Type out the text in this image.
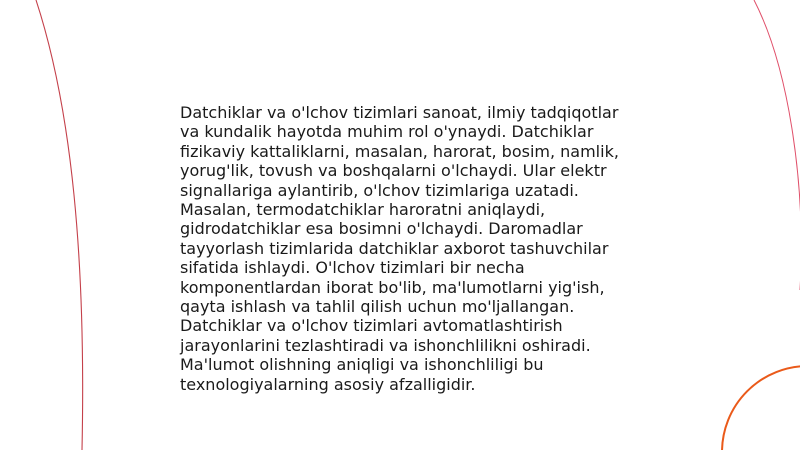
Datchiklar va o'lchov tizimlari sanoat, ilmiy tadqiqotlar va kundalik hayotda muhim rol o'ynaydi. Datchiklar fizikaviy kattaliklarni, masalan, harorat, bosim, namlik, yorug'lik, tovush va boshqalarni o'lchaydi. Ular elektr signallariga aylantirib, o'lchov tizimlariga uzatadi. Masalan, termodatchiklar haroratni aniqlaydi, gidrodatchiklar esa bosimni o'lchaydi. Daromadlar tayyorlash tizimlarida datchiklar axborot tashuvchilar sifatida ishlaydi. O'lchov tizimlari bir necha komponentlardan iborat bo'lib, ma'lumotlarni yig'ish, qayta ishlash va tahlil qilish uchun mo'ljallangan. Datchiklar va o'lchov tizimlari avtomatlashtirish jarayonlarini tezlashtiradi va ishonchlilikni oshiradi. Ma'lumot olishning aniqligi va ishonchliligi bu texnologiyalarning asosiy afzalligidir.
